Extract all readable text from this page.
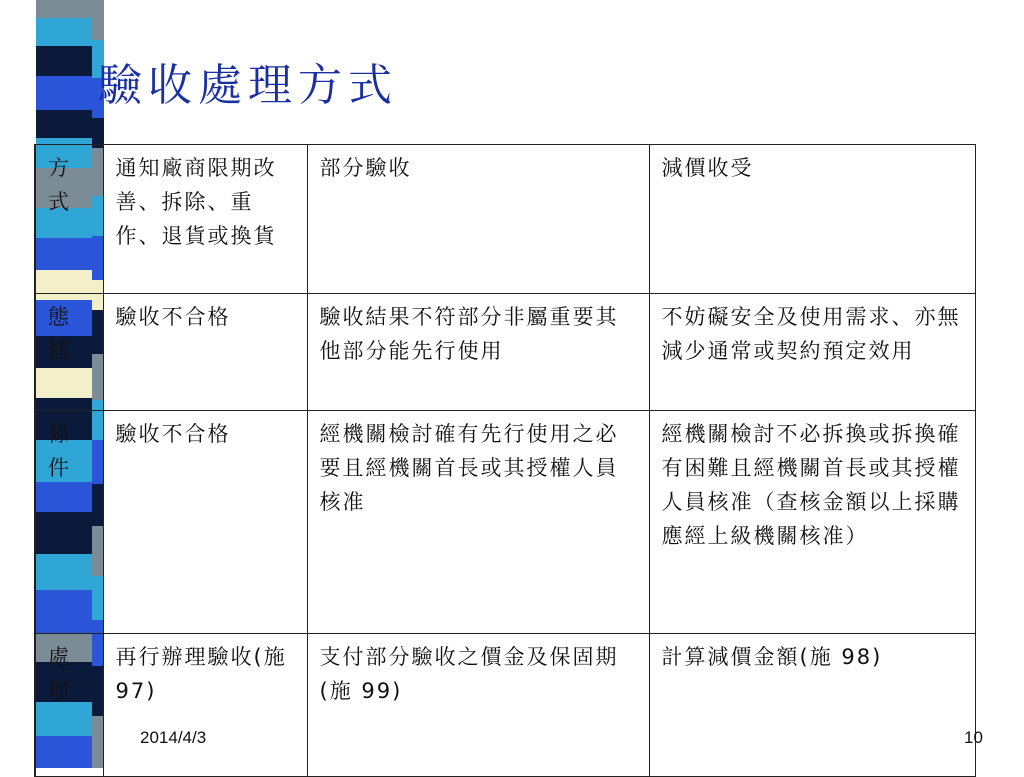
驗收處理方式
方式	通知廠商限期改善、拆除、重作、退貨或換貨	部分驗收	減價收受

態樣	驗收不合格	驗收結果不符部分非屬重要其他部分能先行使用	不妨礙安全及使用需求、亦無減少通常或契約預定效用

條件	驗收不合格	經機關檢討確有先行使用之必要且經機關首長或其授權人員核准	經機關檢討不必拆換或拆換確有困難且經機關首長或其授權人員核准（查核金額以上採購應經上級機關核准）

處理	再行辦理驗收(施 97)	支付部分驗收之價金及保固期(施 99)	計算減價金額(施 98)
2014/4/3	10
